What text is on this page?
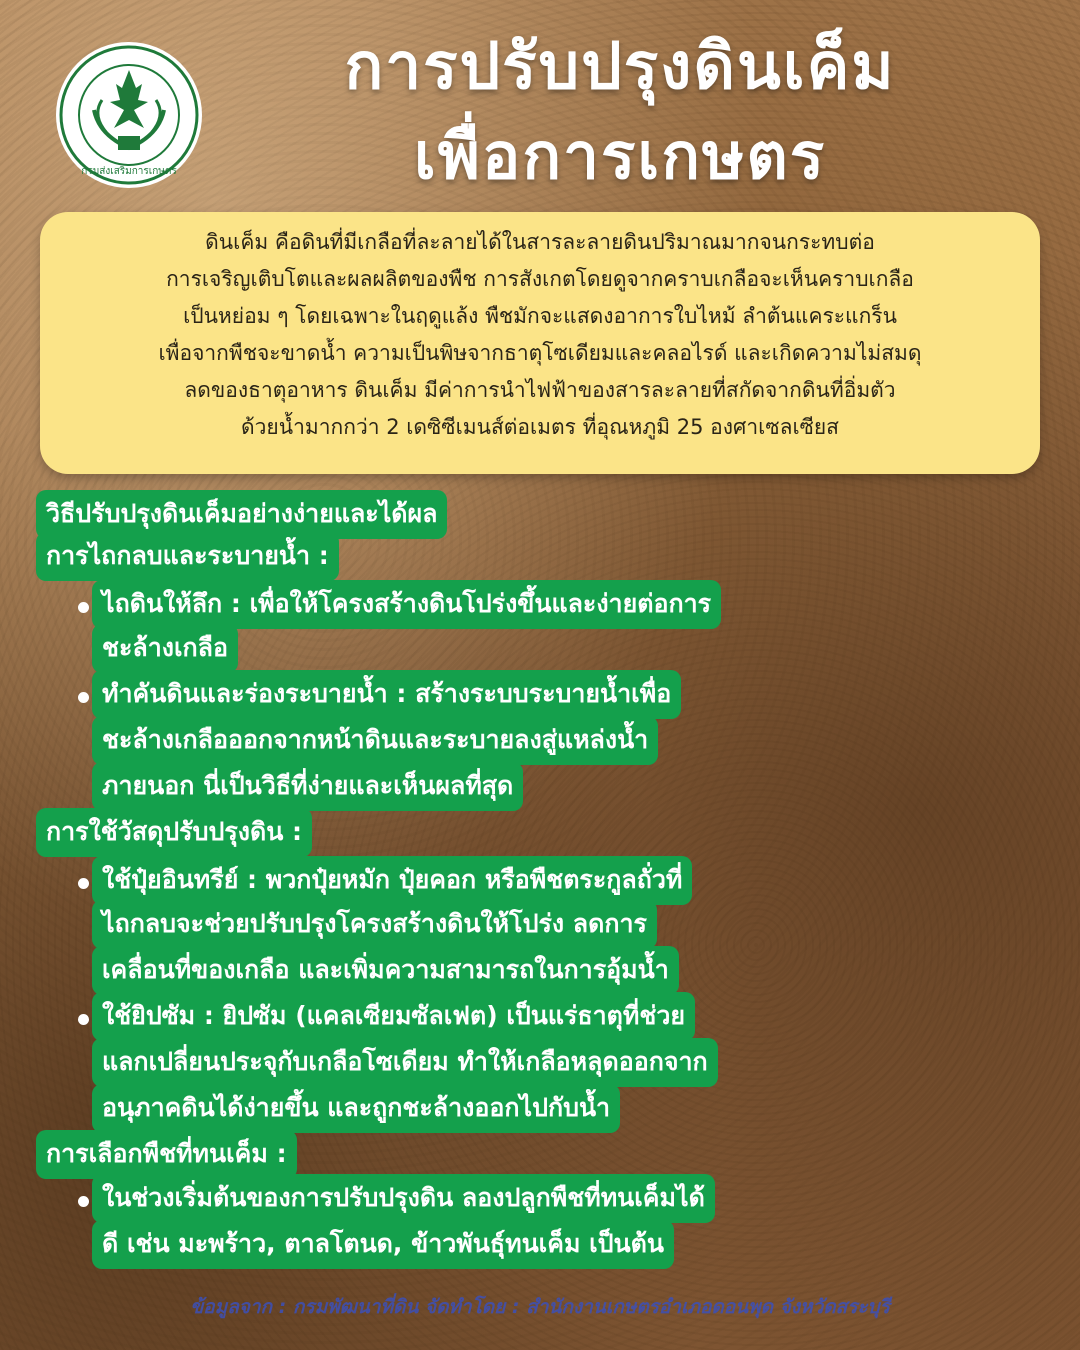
กรมส่งเสริมการเกษตร
การปรับปรุงดินเค็ม
เพื่อการเกษตร

ดินเค็ม คือดินที่มีเกลือที่ละลายได้ในสารละลายดินปริมาณมากจนกระทบต่อ

การเจริญเติบโตและผลผลิตของพืช การสังเกตโดยดูจากคราบเกลือจะเห็นคราบเกลือ

เป็นหย่อม ๆ โดยเฉพาะในฤดูแล้ง พืชมักจะแสดงอาการใบไหม้ ลำต้นแคระแกร็น

เพื่อจากพืชจะขาดน้ำ ความเป็นพิษจากธาตุโซเดียมและคลอไรด์ และเกิดความไม่สมดุ

ลดของธาตุอาหาร ดินเค็ม มีค่าการนำไฟฟ้าของสารละลายที่สกัดจากดินที่อิ่มตัว

ด้วยน้ำมากกว่า 2 เดซิซีเมนส์ต่อเมตร ที่อุณหภูมิ 25 องศาเซลเซียส

วิธีปรับปรุงดินเค็มอย่างง่ายและได้ผล
การไถกลบและระบายน้ำ :
ไถดินให้ลึก : เพื่อให้โครงสร้างดินโปร่งขึ้นและง่ายต่อการ
ชะล้างเกลือ
ทำคันดินและร่องระบายน้ำ : สร้างระบบระบายน้ำเพื่อ
ชะล้างเกลือออกจากหน้าดินและระบายลงสู่แหล่งน้ำ
ภายนอก นี่เป็นวิธีที่ง่ายและเห็นผลที่สุด
การใช้วัสดุปรับปรุงดิน :
ใช้ปุ๋ยอินทรีย์ : พวกปุ๋ยหมัก ปุ๋ยคอก หรือพืชตระกูลถั่วที่
ไถกลบจะช่วยปรับปรุงโครงสร้างดินให้โปร่ง ลดการ
เคลื่อนที่ของเกลือ และเพิ่มความสามารถในการอุ้มน้ำ
ใช้ยิปซัม : ยิปซัม (แคลเซียมซัลเฟต) เป็นแร่ธาตุที่ช่วย
แลกเปลี่ยนประจุกับเกลือโซเดียม ทำให้เกลือหลุดออกจาก
อนุภาคดินได้ง่ายขึ้น และถูกชะล้างออกไปกับน้ำ
การเลือกพืชที่ทนเค็ม :
ในช่วงเริ่มต้นของการปรับปรุงดิน ลองปลูกพืชที่ทนเค็มได้
ดี เช่น มะพร้าว, ตาลโตนด, ข้าวพันธุ์ทนเค็ม เป็นต้น
ข้อมูลจาก : กรมพัฒนาที่ดิน จัดทำโดย : สำนักงานเกษตรอำเภอดอนพุด จังหวัดสระบุรี
